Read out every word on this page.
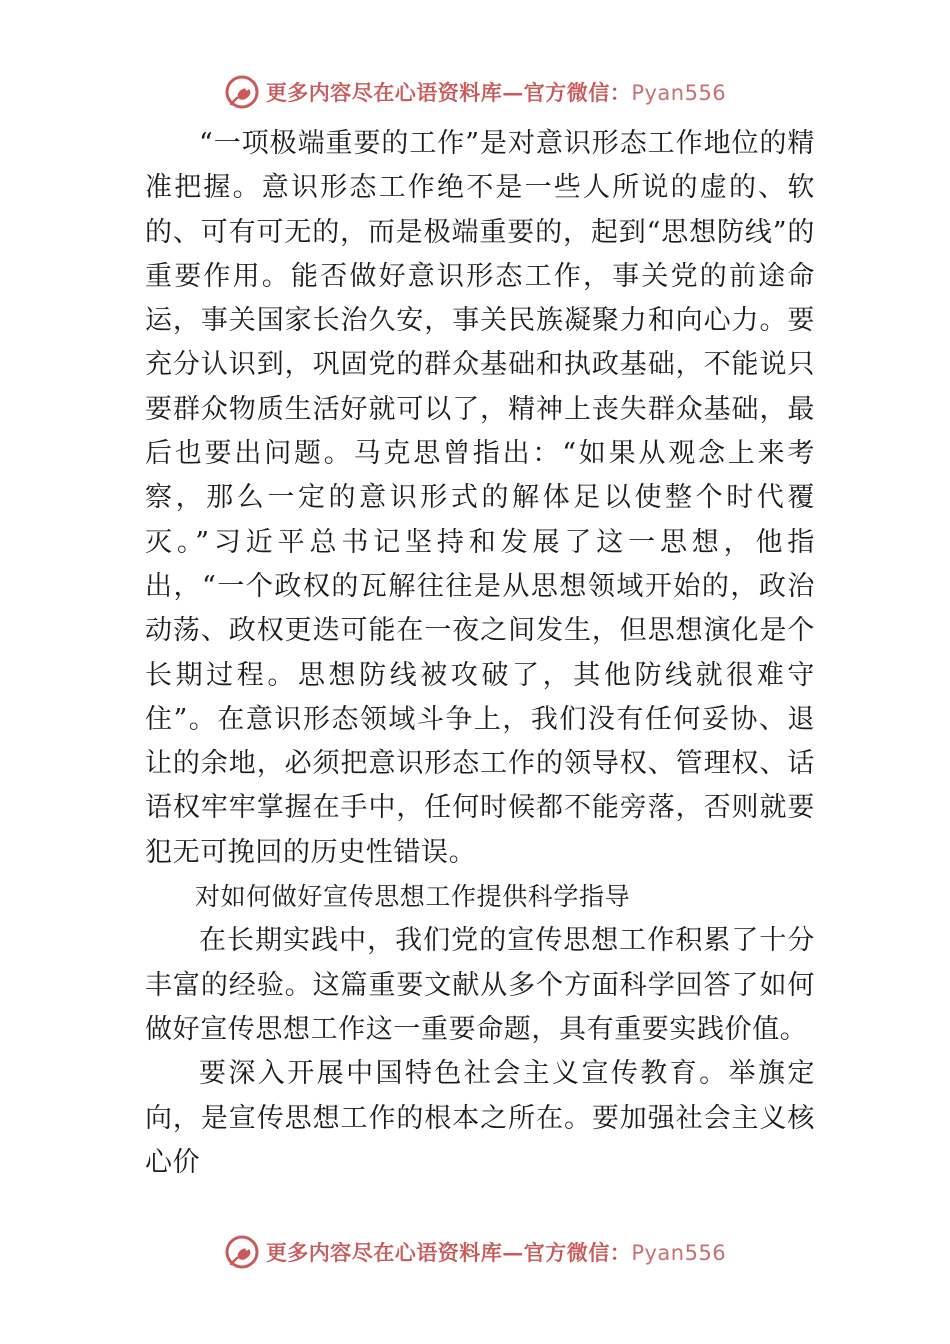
更多内容尽在心语资料库—官方微信：Pyan556

“一项极端重要的工作”是对意识形态工作地位的精准把握。意识形态工作绝不是一些人所说的虚的、软的、可有可无的，而是极端重要的，起到“思想防线”的重要作用。能否做好意识形态工作，事关党的前途命运，事关国家长治久安，事关民族凝聚力和向心力。要充分认识到，巩固党的群众基础和执政基础，不能说只要群众物质生活好就可以了，精神上丧失群众基础，最后也要出问题。马克思曾指出：“如果从观念上来考察，那么一定的意识形式的解体足以使整个时代覆灭。”习近平总书记坚持和发展了这一思想，他指出，“一个政权的瓦解往往是从思想领域开始的，政治动荡、政权更迭可能在一夜之间发生，但思想演化是个长期过程。思想防线被攻破了，其他防线就很难守住”。在意识形态领域斗争上，我们没有任何妥协、退让的余地，必须把意识形态工作的领导权、管理权、话语权牢牢掌握在手中，任何时候都不能旁落，否则就要犯无可挽回的历史性错误。

对如何做好宣传思想工作提供科学指导

在长期实践中，我们党的宣传思想工作积累了十分丰富的经验。这篇重要文献从多个方面科学回答了如何做好宣传思想工作这一重要命题，具有重要实践价值。

要深入开展中国特色社会主义宣传教育。举旗定向，是宣传思想工作的根本之所在。要加强社会主义核心价

更多内容尽在心语资料库—官方微信：Pyan556
